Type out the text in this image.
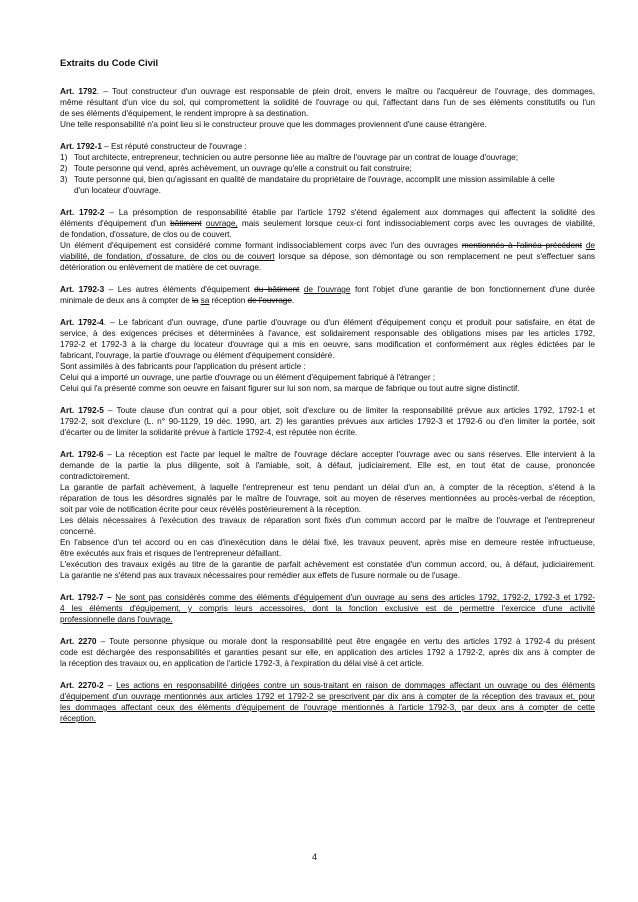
Extraits du Code Civil
Art. 1792. – Tout constructeur d'un ouvrage est responsable de plein droit, envers le maître ou l'acquéreur de l'ouvrage, des dommages,
même résultant d'un vice du sol, qui compromettent la solidité de l'ouvrage ou qui, l'affectant dans l'un de ses éléments constitutifs ou l'un
de ses éléments d'équipement, le rendent impropre à sa destination.
Une telle responsabilité n'a point lieu si le constructeur prouve que les dommages proviennent d'une cause étrangère.
Art. 1792-1 – Est réputé constructeur de l'ouvrage :
1) Tout architecte, entrepreneur, technicien ou autre personne liée au maître de l'ouvrage par un contrat de louage d'ouvrage;
2) Toute personne qui vend, après achèvement, un ouvrage qu'elle a construit ou fait construire;
3) Toute personne qui, bien qu'agissant en qualité de mandataire du propriétaire de l'ouvrage, accomplit une mission assimilable à celle
d'un locateur d'ouvrage.
Art. 1792-2 – La présomption de responsabilité établie par l'article 1792 s'étend également aux dommages qui affectent la solidité des
éléments d'équipement d'un bâtiment ouvrage, mais seulement lorsque ceux-ci font indissociablement corps avec les ouvrages de viabilité,
de fondation, d'ossature, de clos ou de couvert.
Un élément d'équipement est considéré comme formant indissociablement corps avec l'un des ouvrages mentionnés à l'alinéa précédent de
viabilité, de fondation, d'ossature, de clos ou de couvert lorsque sa dépose, son démontage ou son remplacement ne peut s'effectuer sans
détérioration ou enlèvement de matière de cet ouvrage.
Art. 1792-3 – Les autres éléments d'équipement du bâtiment de l'ouvrage font l'objet d'une garantie de bon fonctionnement d'une durée
minimale de deux ans à compter de la sa réception de l'ouvrage.
Art. 1792-4. – Le fabricant d'un ouvrage, d'une partie d'ouvrage ou d'un élément d'équipement conçu et produit pour satisfaire, en état de
service, à des exigences précises et déterminées à l'avance, est solidairement responsable des obligations mises par les articles 1792,
1792-2 et 1792-3 à la charge du locateur d'ouvrage qui a mis en oeuvre, sans modification et conformément aux règles édictées par le
fabricant, l'ouvrage, la partie d'ouvrage ou élément d'équipement considéré.
Sont assimilés à des fabricants pour l'application du présent article :
Celui qui a importé un ouvrage, une partie d'ouvrage ou un élément d'équipement fabriqué à l'étranger ;
Celui qui l'a présenté comme son oeuvre en faisant figurer sur lui son nom, sa marque de fabrique ou tout autre signe distinctif.
Art. 1792-5 – Toute clause d'un contrat qui a pour objet, soit d'exclure ou de limiter la responsabilité prévue aux articles 1792, 1792-1 et
1792-2, soit d'exclure (L. n° 90-1129, 19 déc. 1990, art. 2) les garanties prévues aux articles 1792-3 et 1792-6 ou d'en limiter la portée, soit
d'écarter ou de limiter la solidarité prévue à l'article 1792-4, est réputée non écrite.
Art. 1792-6 – La réception est l'acte par lequel le maître de l'ouvrage déclare accepter l'ouvrage avec ou sans réserves. Elle intervient à la
demande de la partie la plus diligente, soit à l'amiable, soit, à défaut, judiciairement. Elle est, en tout état de cause, prononcée
contradictoirement.
La garantie de parfait achèvement, à laquelle l'entrepreneur est tenu pendant un délai d'un an, à compter de la réception, s'étend à la
réparation de tous les désordres signalés par le maître de l'ouvrage, soit au moyen de réserves mentionnées au procès-verbal de réception,
soit par voie de notification écrite pour ceux révélés postérieurement à la réception.
Les délais nécessaires à l'exécution des travaux de réparation sont fixés d'un commun accord par le maître de l'ouvrage et l'entrepreneur
concerné.
En l'absence d'un tel accord ou en cas d'inexécution dans le délai fixé, les travaux peuvent, après mise en demeure restée infructueuse,
être exécutés aux frais et risques de l'entrepreneur défaillant.
L'exécution des travaux exigés au titre de la garantie de parfait achèvement est constatée d'un commun accord, ou, à défaut, judiciairement.
La garantie ne s'étend pas aux travaux nécessaires pour remédier aux effets de l'usure normale ou de l'usage.
Art. 1792-7 – Ne sont pas considérés comme des éléments d'équipement d'un ouvrage au sens des articles 1792, 1792-2, 1792-3 et 1792-
4 les éléments d'équipement, y compris leurs accessoires, dont la fonction exclusive est de permettre l'exercice d'une activité
professionnelle dans l'ouvrage.
Art. 2270 – Toute personne physique ou morale dont la responsabilité peut être engagée en vertu des articles 1792 à 1792-4 du présent
code est déchargée des responsabilités et garanties pesant sur elle, en application des articles 1792 à 1792-2, après dix ans à compter de
la réception des travaux ou, en application de l'article 1792-3, à l'expiration du délai visé à cet article.
Art. 2270-2 – Les actions en responsabilité dirigées contre un sous-traitant en raison de dommages affectant un ouvrage ou des éléments
d'équipement d'un ouvrage mentionnés aux articles 1792 et 1792-2 se prescrivent par dix ans à compter de la réception des travaux et, pour
les dommages affectant ceux des éléments d'équipement de l'ouvrage mentionnés à l'article 1792-3, par deux ans à compter de cette
réception.
4
